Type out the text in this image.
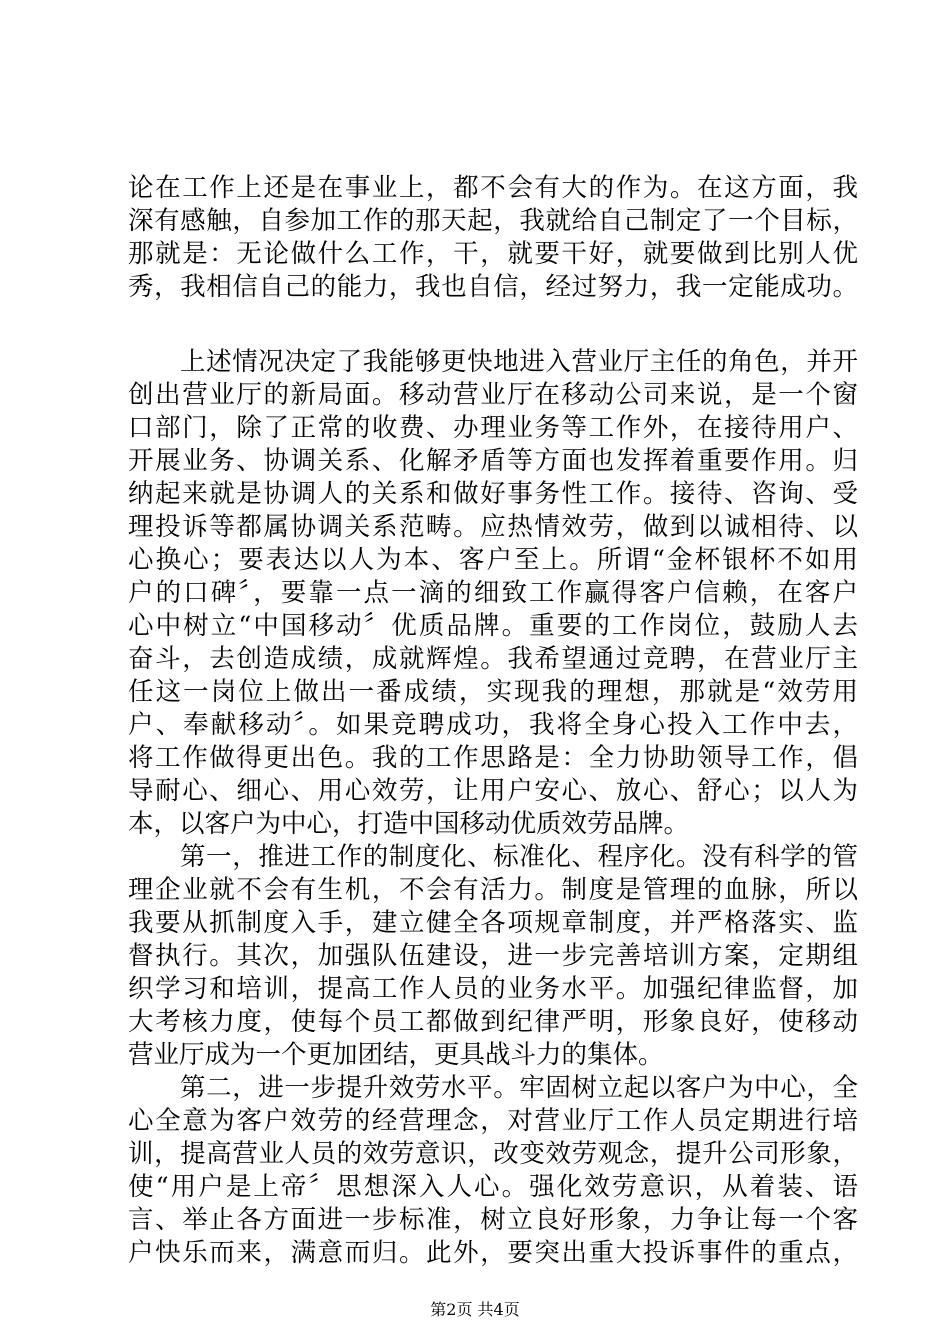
论在工作上还是在事业上，都不会有大的作为。在这方面，我
深有感触，自参加工作的那天起，我就给自己制定了一个目标，
那就是：无论做什么工作，干，就要干好，就要做到比别人优
秀，我相信自己的能力，我也自信，经过努力，我一定能成功。
上述情况决定了我能够更快地进入营业厅主任的角色，并开
创出营业厅的新局面。移动营业厅在移动公司来说，是一个窗
口部门，除了正常的收费、办理业务等工作外，在接待用户、
开展业务、协调关系、化解矛盾等方面也发挥着重要作用。归
纳起来就是协调人的关系和做好事务性工作。接待、咨询、受
理投诉等都属协调关系范畴。应热情效劳，做到以诚相待、以
心换心；要表达以人为本、客户至上。所谓“金杯银杯不如用
户的口碑〞，要靠一点一滴的细致工作赢得客户信赖，在客户
心中树立“中国移动〞优质品牌。重要的工作岗位，鼓励人去
奋斗，去创造成绩，成就辉煌。我希望通过竞聘，在营业厅主
任这一岗位上做出一番成绩，实现我的理想，那就是“效劳用
户、奉献移动〞。如果竞聘成功，我将全身心投入工作中去，
将工作做得更出色。我的工作思路是：全力协助领导工作，倡
导耐心、细心、用心效劳，让用户安心、放心、舒心；以人为
本，以客户为中心，打造中国移动优质效劳品牌。
第一，推进工作的制度化、标准化、程序化。没有科学的管
理企业就不会有生机，不会有活力。制度是管理的血脉，所以
我要从抓制度入手，建立健全各项规章制度，并严格落实、监
督执行。其次，加强队伍建设，进一步完善培训方案，定期组
织学习和培训，提高工作人员的业务水平。加强纪律监督，加
大考核力度，使每个员工都做到纪律严明，形象良好，使移动
营业厅成为一个更加团结，更具战斗力的集体。
第二，进一步提升效劳水平。牢固树立起以客户为中心，全
心全意为客户效劳的经营理念，对营业厅工作人员定期进行培
训，提高营业人员的效劳意识，改变效劳观念，提升公司形象，
使“用户是上帝〞思想深入人心。强化效劳意识，从着装、语
言、举止各方面进一步标准，树立良好形象，力争让每一个客
户快乐而来，满意而归。此外，要突出重大投诉事件的重点，
第2页 共4页
